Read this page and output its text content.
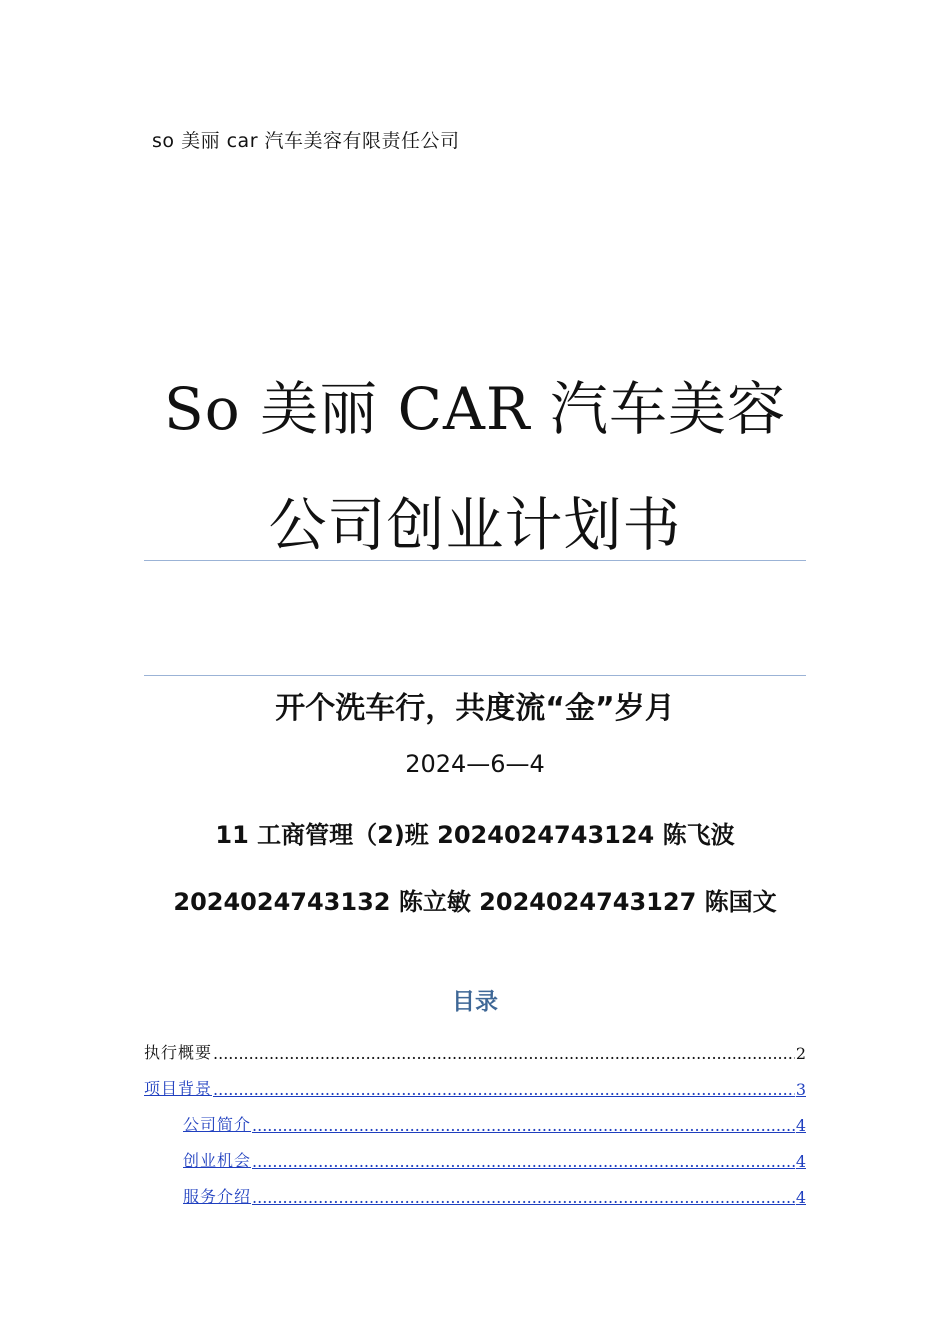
so 美丽 car 汽车美容有限责任公司
So 美丽 CAR 汽车美容
公司创业计划书
开个洗车行，共度流“金”岁月
2024—6—4
11 工商管理（2)班 2024024743124 陈飞波
2024024743132 陈立敏 2024024743127 陈国文
目录
执行概要 .....	2
项目背景 .....	3
公司简介 .....	4
创业机会 .....	4
服务介绍 .....	4
